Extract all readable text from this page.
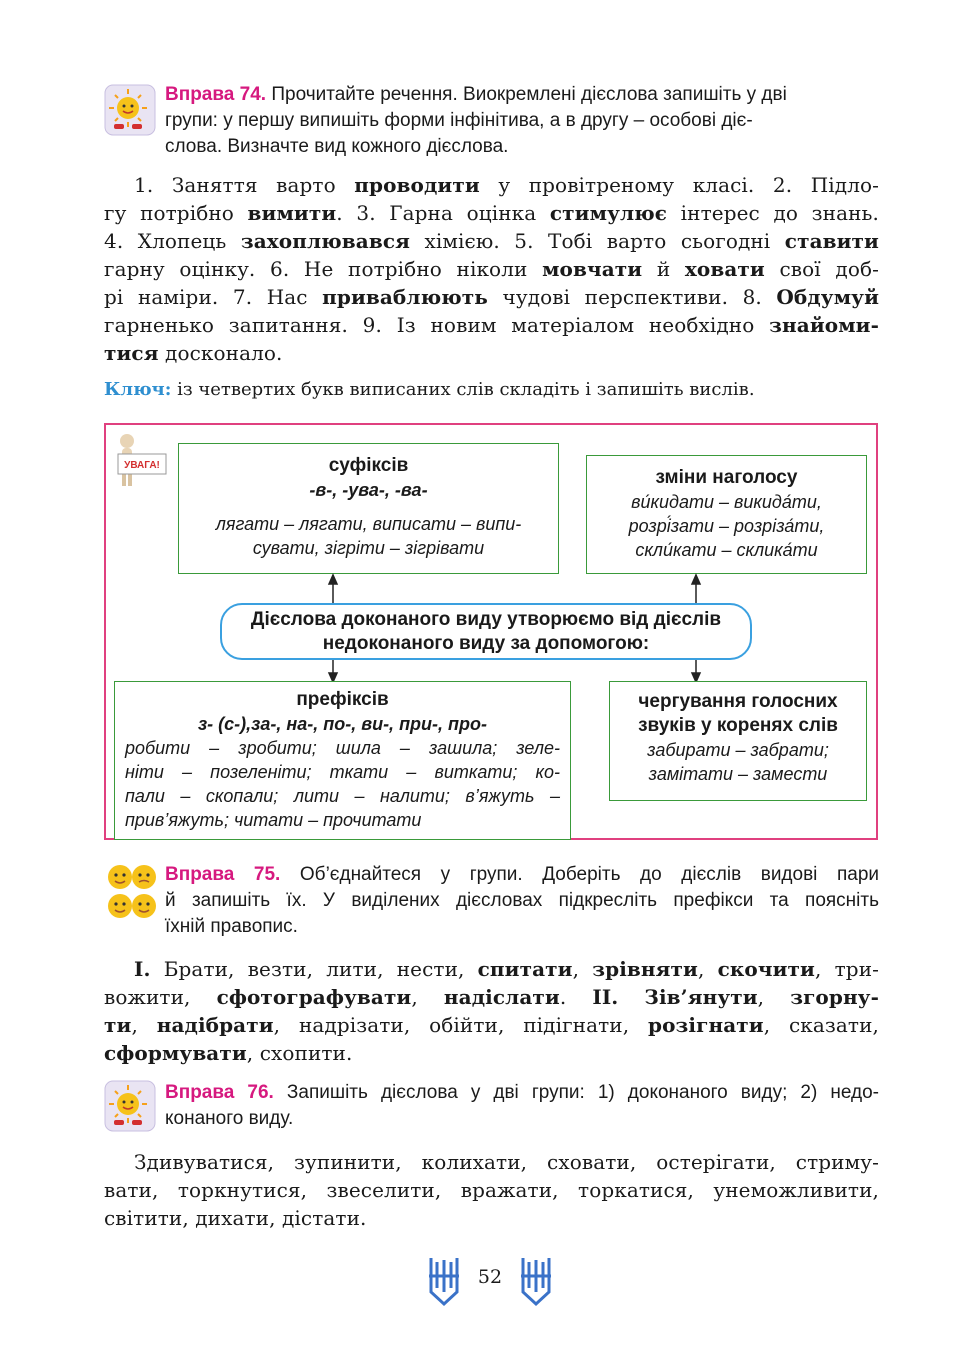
Вправа 74. Прочитайте речення. Виокремлені дієслова запишіть у дві
групи: у першу випишіть форми інфінітива, а в другу – особові діє-
слова. Визначте вид кожного дієслова.
1. Заняття варто проводити у провітреному класі. 2. Підло-
гу потрібно вимити. 3. Гарна оцінка стимулює інтерес до знань.
4. Хлопець захоплювався хімією. 5. Тобі варто сьогодні ставити
гарну оцінку. 6. Не потрібно ніколи мовчати й ховати свої доб-
рі наміри. 7. Нас приваблюють чудові перспективи. 8. Обдумуй
гарненько запитання. 9. Із новим матеріалом необхідно знайоми-
тися досконало.
Ключ: із четвертих букв виписаних слів складіть і запишіть вислів.
УВАГА!	суфіксів
-в-, -ува-, -ва-
лягати – лягати, виписати – випи-
сувати, зігріти – зігрівати
зміни наголосу
ви́кидати – викида́ти,
розрі́зати – розріза́ти,
скли́кати – склика́ти
Дієслова доконаного виду утворюємо від дієслів
недоконаного виду за допомогою:
префіксів
з- (с-),за-, на-, по-, ви-, при-, про-
робити – зробити; шила – зашила; зеле-
ніти – позеленіти; ткати – виткати; ко-
пали – скопали; лити – налити; в’яжуть –
прив’яжуть; читати – прочитати
чергування голосних
звуків у коренях слів
забирати – забрати;
замітати – замести
Вправа 75. Об’єднайтеся у групи. Доберіть до дієслів видові пари
й запишіть їх. У виділених дієсловах підкресліть префікси та поясніть
їхній правопис.
I. Брати, везти, лити, нести, спитати, зрівняти, скочити, три-
вожити, сфотографувати, надіслати. II. Зів’янути, згорну-
ти, надібрати, надрізати, обійти, підігнати, розігнати, сказати,
сформувати, схопити.
Вправа 76. Запишіть дієслова у дві групи: 1) доконаного виду; 2) недо-
конаного виду.
Здивуватися, зупинити, колихати, сховати, остерігати, стриму-
вати, торкнутися, звеселити, вражати, торкатися, унеможливити,
світити, дихати, дістати.
52
